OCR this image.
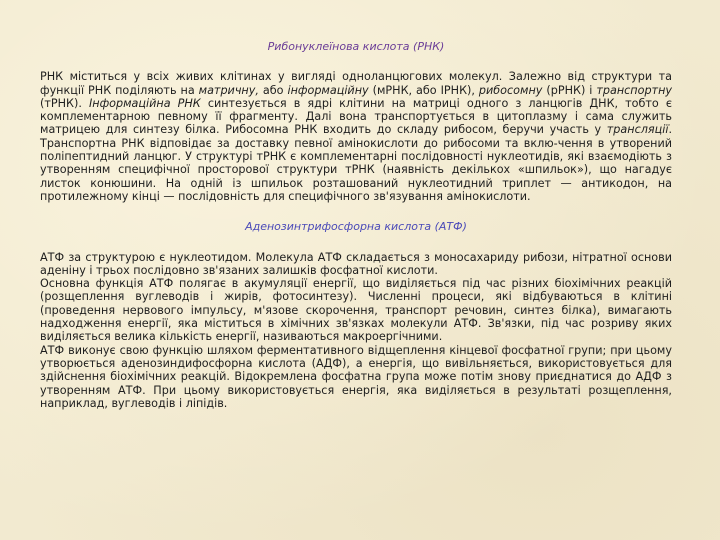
Рибонуклеїнова кислота (РНК)

РНК міститься у всіх живих клітинах у вигляді одноланцюгових молекул. Залежно від структури та функції РНК поділяють на матричну, або інформаційну (мРНК, або ІРНК), рибосомну (рРНК) і транспортну (тРНК). Інформаційна РНК синтезується в ядрі клітини на матриці одного з ланцюгів ДНК, тобто є комплементарною певному її фрагменту. Далі вона транспортується в цитоплазму і сама служить матрицею для синтезу білка. Рибосомна РНК входить до складу рибосом, беручи участь у трансляції. Транспортна РНК відповідає за доставку певної амінокислоти до рибосоми та вклю-чення в утворений поліпептидний ланцюг. У структурі тРНК є комплементарні послідовності нуклеотидів, які взаємодіють з утворенням специфічної просторової структури тРНК (наявність декількох «шпильок»), що нагадує листок конюшини. На одній із шпильок розташований нуклеотидний триплет — антикодон, на протилежному кінці — послідовність для специфічного зв'язування амінокислоти.

Аденозинтрифосфорна кислота (АТФ)

АТФ за структурою є нуклеотидом. Молекула АТФ складається з моносахариду рибози, нітратної основи аденіну і трьох послідовно зв'язаних залишків фосфатної кислоти.

Основна функція АТФ полягає в акумуляції енергії, що виділяється під час різних біохімічних реакцій (розщеплення вуглеводів і жирів, фотосинтезу). Численні процеси, які відбуваються в клітині (проведення нервового імпульсу, м'язове скорочення, транспорт речовин, синтез білка), вимагають надходження енергії, яка міститься в хімічних зв'язках молекули АТФ. Зв'язки, під час розриву яких виділяється велика кількість енергії, називаються макроергічними.

АТФ виконує свою функцію шляхом ферментативного відщеплення кінцевої фосфатної групи; при цьому утворюється аденозиндифосфорна кислота (АДФ), а енергія, що вивільняється, використовується для здійснення біохімічних реакцій. Відокремлена фосфатна група може потім знову приєднатися до АДФ з утворенням АТФ. При цьому використовується енергія, яка виділяється в результаті розщеплення, наприклад, вуглеводів і ліпідів.
